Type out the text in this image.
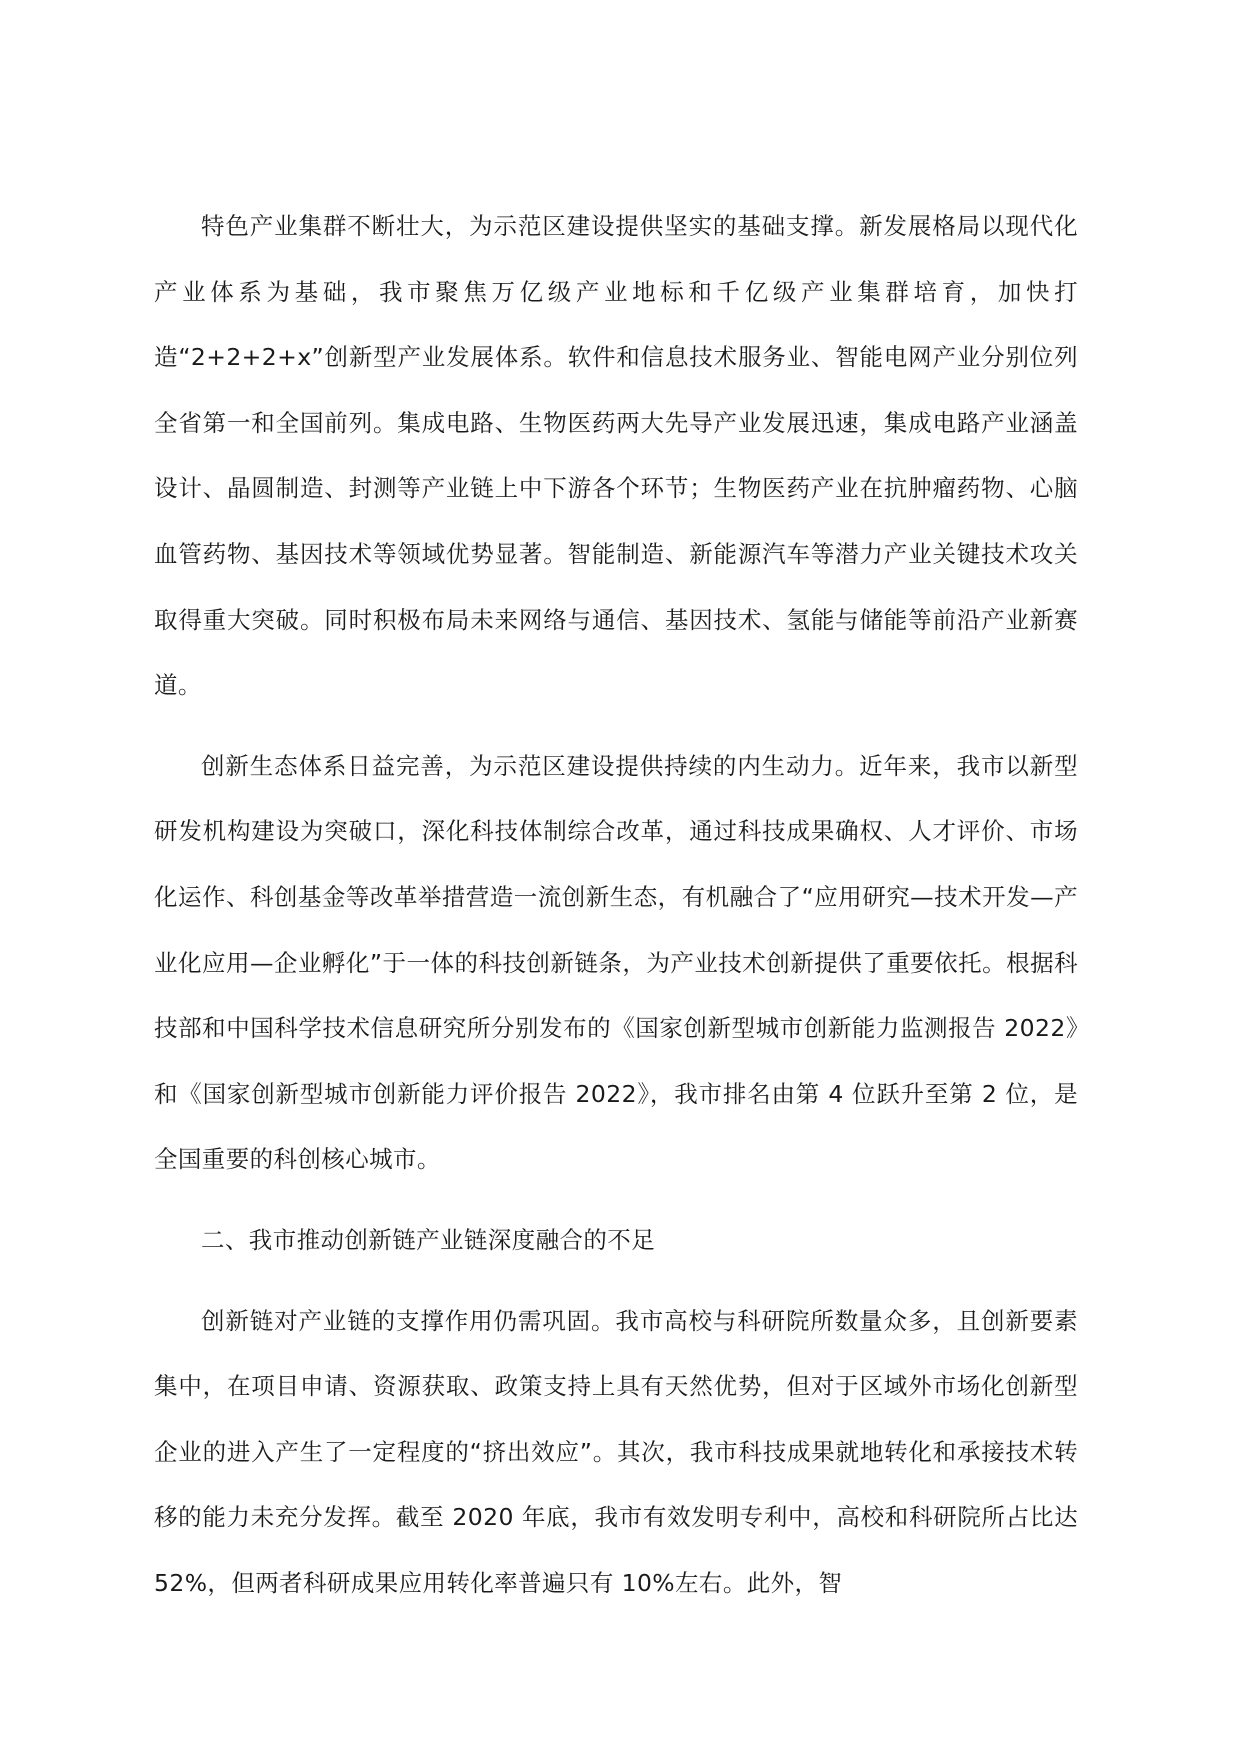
特色产业集群不断壮大，为示范区建设提供坚实的基础支撑。新发展格局以现代化产业体系为基础，我市聚焦万亿级产业地标和千亿级产业集群培育，加快打造“2+2+2+x”创新型产业发展体系。软件和信息技术服务业、智能电网产业分别位列全省第一和全国前列。集成电路、生物医药两大先导产业发展迅速，集成电路产业涵盖设计、晶圆制造、封测等产业链上中下游各个环节；生物医药产业在抗肿瘤药物、心脑血管药物、基因技术等领域优势显著。智能制造、新能源汽车等潜力产业关键技术攻关取得重大突破。同时积极布局未来网络与通信、基因技术、氢能与储能等前沿产业新赛道。

创新生态体系日益完善，为示范区建设提供持续的内生动力。近年来，我市以新型研发机构建设为突破口，深化科技体制综合改革，通过科技成果确权、人才评价、市场化运作、科创基金等改革举措营造一流创新生态，有机融合了“应用研究—技术开发—产业化应用—企业孵化”于一体的科技创新链条，为产业技术创新提供了重要依托。根据科技部和中国科学技术信息研究所分别发布的《国家创新型城市创新能力监测报告 2022》和《国家创新型城市创新能力评价报告 2022》，我市排名由第 4 位跃升至第 2 位，是全国重要的科创核心城市。

二、我市推动创新链产业链深度融合的不足

创新链对产业链的支撑作用仍需巩固。我市高校与科研院所数量众多，且创新要素集中，在项目申请、资源获取、政策支持上具有天然优势，但对于区域外市场化创新型企业的进入产生了一定程度的“挤出效应”。其次，我市科技成果就地转化和承接技术转移的能力未充分发挥。截至 2020 年底，我市有效发明专利中，高校和科研院所占比达 52%，但两者科研成果应用转化率普遍只有 10%左右。此外，智
